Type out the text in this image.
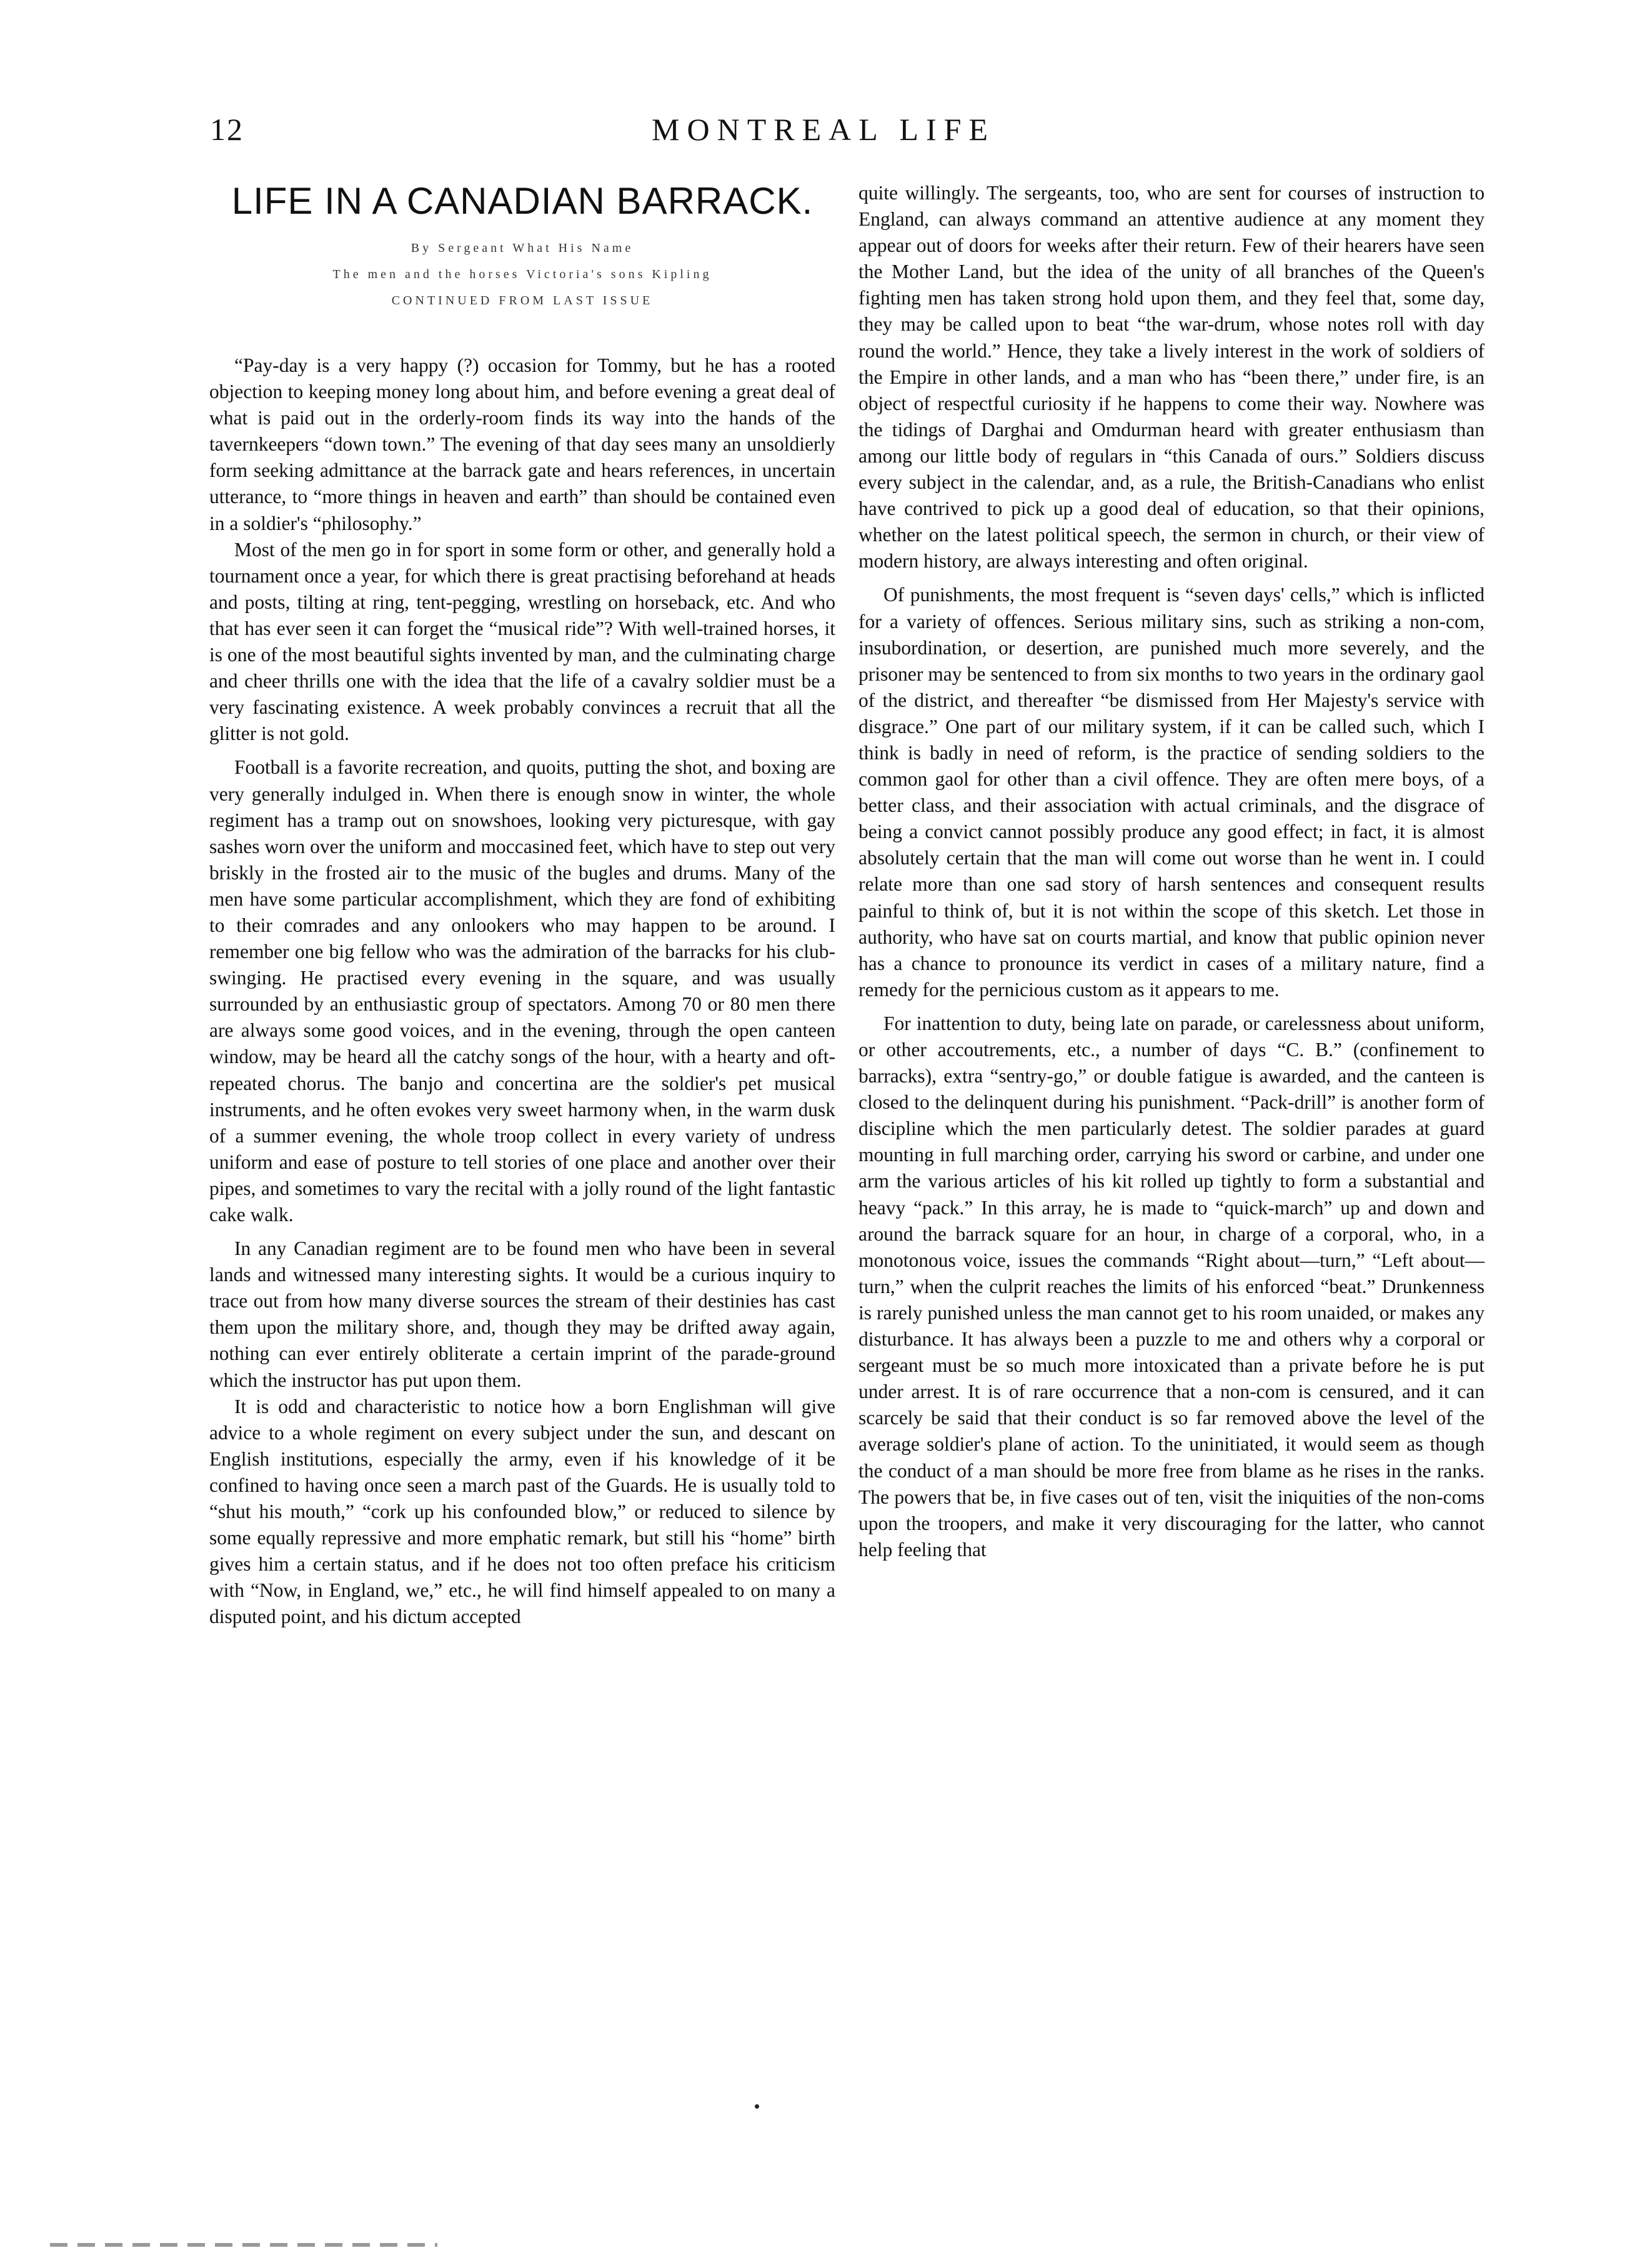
12	MONTREAL LIFE
LIFE IN A CANADIAN BARRACK.

By Sergeant What His Name

The men and the horses Victoria's sons Kipling

CONTINUED FROM LAST ISSUE

“Pay-day is a very happy (?) occasion for Tommy, but he has a rooted objection to keeping money long about him, and before evening a great deal of what is paid out in the orderly-room finds its way into the hands of the tavernkeepers “down town.” The evening of that day sees many an unsoldierly form seeking admittance at the barrack gate and hears references, in uncertain utterance, to “more things in heaven and earth” than should be contained even in a soldier's “philosophy.”

Most of the men go in for sport in some form or other, and generally hold a tournament once a year, for which there is great practising beforehand at heads and posts, tilting at ring, tent-pegging, wrestling on horseback, etc. And who that has ever seen it can forget the “musical ride”? With well-trained horses, it is one of the most beautiful sights invented by man, and the culminating charge and cheer thrills one with the idea that the life of a cavalry soldier must be a very fascinating existence. A week probably convinces a recruit that all the glitter is not gold.

Football is a favorite recreation, and quoits, putting the shot, and boxing are very generally indulged in. When there is enough snow in winter, the whole regiment has a tramp out on snowshoes, looking very picturesque, with gay sashes worn over the uniform and moccasined feet, which have to step out very briskly in the frosted air to the music of the bugles and drums. Many of the men have some particular accomplishment, which they are fond of exhibiting to their comrades and any onlookers who may happen to be around. I remember one big fellow who was the admiration of the barracks for his club-swinging. He practised every evening in the square, and was usually surrounded by an enthusiastic group of spectators. Among 70 or 80 men there are always some good voices, and in the evening, through the open canteen window, may be heard all the catchy songs of the hour, with a hearty and oft-repeated chorus. The banjo and concertina are the soldier's pet musical instruments, and he often evokes very sweet harmony when, in the warm dusk of a summer evening, the whole troop collect in every variety of undress uniform and ease of posture to tell stories of one place and another over their pipes, and sometimes to vary the recital with a jolly round of the light fantastic cake walk.

In any Canadian regiment are to be found men who have been in several lands and witnessed many interesting sights. It would be a curious inquiry to trace out from how many diverse sources the stream of their destinies has cast them upon the military shore, and, though they may be drifted away again, nothing can ever entirely obliterate a certain imprint of the parade-ground which the instructor has put upon them.

It is odd and characteristic to notice how a born Englishman will give advice to a whole regiment on every subject under the sun, and descant on English institutions, especially the army, even if his knowledge of it be confined to having once seen a march past of the Guards. He is usually told to “shut his mouth,” “cork up his confounded blow,” or reduced to silence by some equally repressive and more emphatic remark, but still his “home” birth gives him a certain status, and if he does not too often preface his criticism with “Now, in England, we,” etc., he will find himself appealed to on many a disputed point, and his dictum accepted

quite willingly. The sergeants, too, who are sent for courses of instruction to England, can always command an attentive audience at any moment they appear out of doors for weeks after their return. Few of their hearers have seen the Mother Land, but the idea of the unity of all branches of the Queen's fighting men has taken strong hold upon them, and they feel that, some day, they may be called upon to beat “the war-drum, whose notes roll with day round the world.” Hence, they take a lively interest in the work of soldiers of the Empire in other lands, and a man who has “been there,” under fire, is an object of respectful curiosity if he happens to come their way. Nowhere was the tidings of Darghai and Omdurman heard with greater enthusiasm than among our little body of regulars in “this Canada of ours.” Soldiers discuss every subject in the calendar, and, as a rule, the British-Canadians who enlist have contrived to pick up a good deal of education, so that their opinions, whether on the latest political speech, the sermon in church, or their view of modern history, are always interesting and often original.

Of punishments, the most frequent is “seven days' cells,” which is inflicted for a variety of offences. Serious military sins, such as striking a non-com, insubordination, or desertion, are punished much more severely, and the prisoner may be sentenced to from six months to two years in the ordinary gaol of the district, and thereafter “be dismissed from Her Majesty's service with disgrace.” One part of our military system, if it can be called such, which I think is badly in need of reform, is the practice of sending soldiers to the common gaol for other than a civil offence. They are often mere boys, of a better class, and their association with actual criminals, and the disgrace of being a convict cannot possibly produce any good effect; in fact, it is almost absolutely certain that the man will come out worse than he went in. I could relate more than one sad story of harsh sentences and consequent results painful to think of, but it is not within the scope of this sketch. Let those in authority, who have sat on courts martial, and know that public opinion never has a chance to pronounce its verdict in cases of a military nature, find a remedy for the pernicious custom as it appears to me.

For inattention to duty, being late on parade, or carelessness about uniform, or other accoutrements, etc., a number of days “C. B.” (confinement to barracks), extra “sentry-go,” or double fatigue is awarded, and the canteen is closed to the delinquent during his punishment. “Pack-drill” is another form of discipline which the men particularly detest. The soldier parades at guard mounting in full marching order, carrying his sword or carbine, and under one arm the various articles of his kit rolled up tightly to form a substantial and heavy “pack.” In this array, he is made to “quick-march” up and down and around the barrack square for an hour, in charge of a corporal, who, in a monotonous voice, issues the commands “Right about—turn,” “Left about—turn,” when the culprit reaches the limits of his enforced “beat.” Drunkenness is rarely punished unless the man cannot get to his room unaided, or makes any disturbance. It has always been a puzzle to me and others why a corporal or sergeant must be so much more intoxicated than a private before he is put under arrest. It is of rare occurrence that a non-com is censured, and it can scarcely be said that their conduct is so far removed above the level of the average soldier's plane of action. To the uninitiated, it would seem as though the conduct of a man should be more free from blame as he rises in the ranks. The powers that be, in five cases out of ten, visit the iniquities of the non-coms upon the troopers, and make it very discouraging for the latter, who cannot help feeling that
